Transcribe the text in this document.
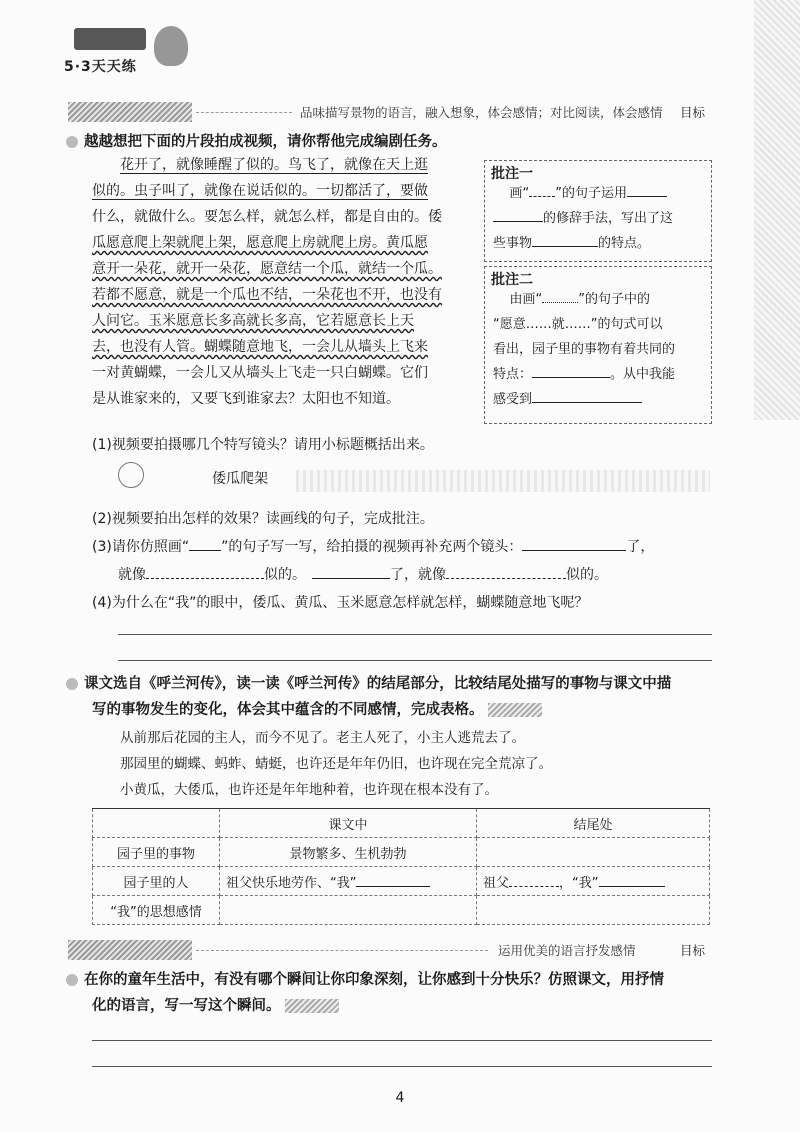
5·3天天练
品味描写景物的语言，融入想象，体会感情；对比阅读，体会感情 目标
越越想把下面的片段拍成视频，请你帮他完成编剧任务。

花开了，就像睡醒了似的。鸟飞了，就像在天上逛

似的。虫子叫了，就像在说话似的。一切都活了，要做

什么，就做什么。要怎么样，就怎么样，都是自由的。倭

瓜愿意爬上架就爬上架，愿意爬上房就爬上房。黄瓜愿

意开一朵花，就开一朵花，愿意结一个瓜，就结一个瓜。

若都不愿意，就是一个瓜也不结，一朵花也不开，也没有

人问它。玉米愿意长多高就长多高，它若愿意长上天

去，也没有人管。蝴蝶随意地飞，一会儿从墙头上飞来

一对黄蝴蝶，一会儿又从墙头上飞走一只白蝴蝶。它们

是从谁家来的，又要飞到谁家去？太阳也不知道。

批注一
画“ ”的句子运用
的修辞手法，写出了这
些事物	的特点。
批注二
由画“	”的句子中的
“愿意……就……”的句式可以
看出，园子里的事物有着共同的
特点：	。从中我能
感受到
(1)视频要拍摄哪几个特写镜头？请用小标题概括出来。
倭瓜爬架
(2)视频要拍出怎样的效果？读画线的句子，完成批注。
(3)请你仿照画“ ”的句子写一写，给拍摄的视频再补充两个镜头：	了，
就像	似的。	了，就像	似的。
(4)为什么在“我”的眼中，倭瓜、黄瓜、玉米愿意怎样就怎样，蝴蝶随意地飞呢？
课文选自《呼兰河传》，读一读《呼兰河传》的结尾部分，比较结尾处描写的事物与课文中描
写的事物发生的变化，体会其中蕴含的不同感情，完成表格。
从前那后花园的主人，而今不见了。老主人死了，小主人逃荒去了。
那园里的蝴蝶、蚂蚱、蜻蜓，也许还是年年仍旧，也许现在完全荒凉了。
小黄瓜，大倭瓜，也许还是年年地种着，也许现在根本没有了。
	课文中	结尾处
园子里的事物	景物繁多、生机勃勃	
园子里的人	祖父快乐地劳作、“我”	祖父 ，“我”
“我”的思想感情		
运用优美的语言抒发感情	目标
在你的童年生活中，有没有哪个瞬间让你印象深刻，让你感到十分快乐？仿照课文，用抒情
化的语言，写一写这个瞬间。
4
